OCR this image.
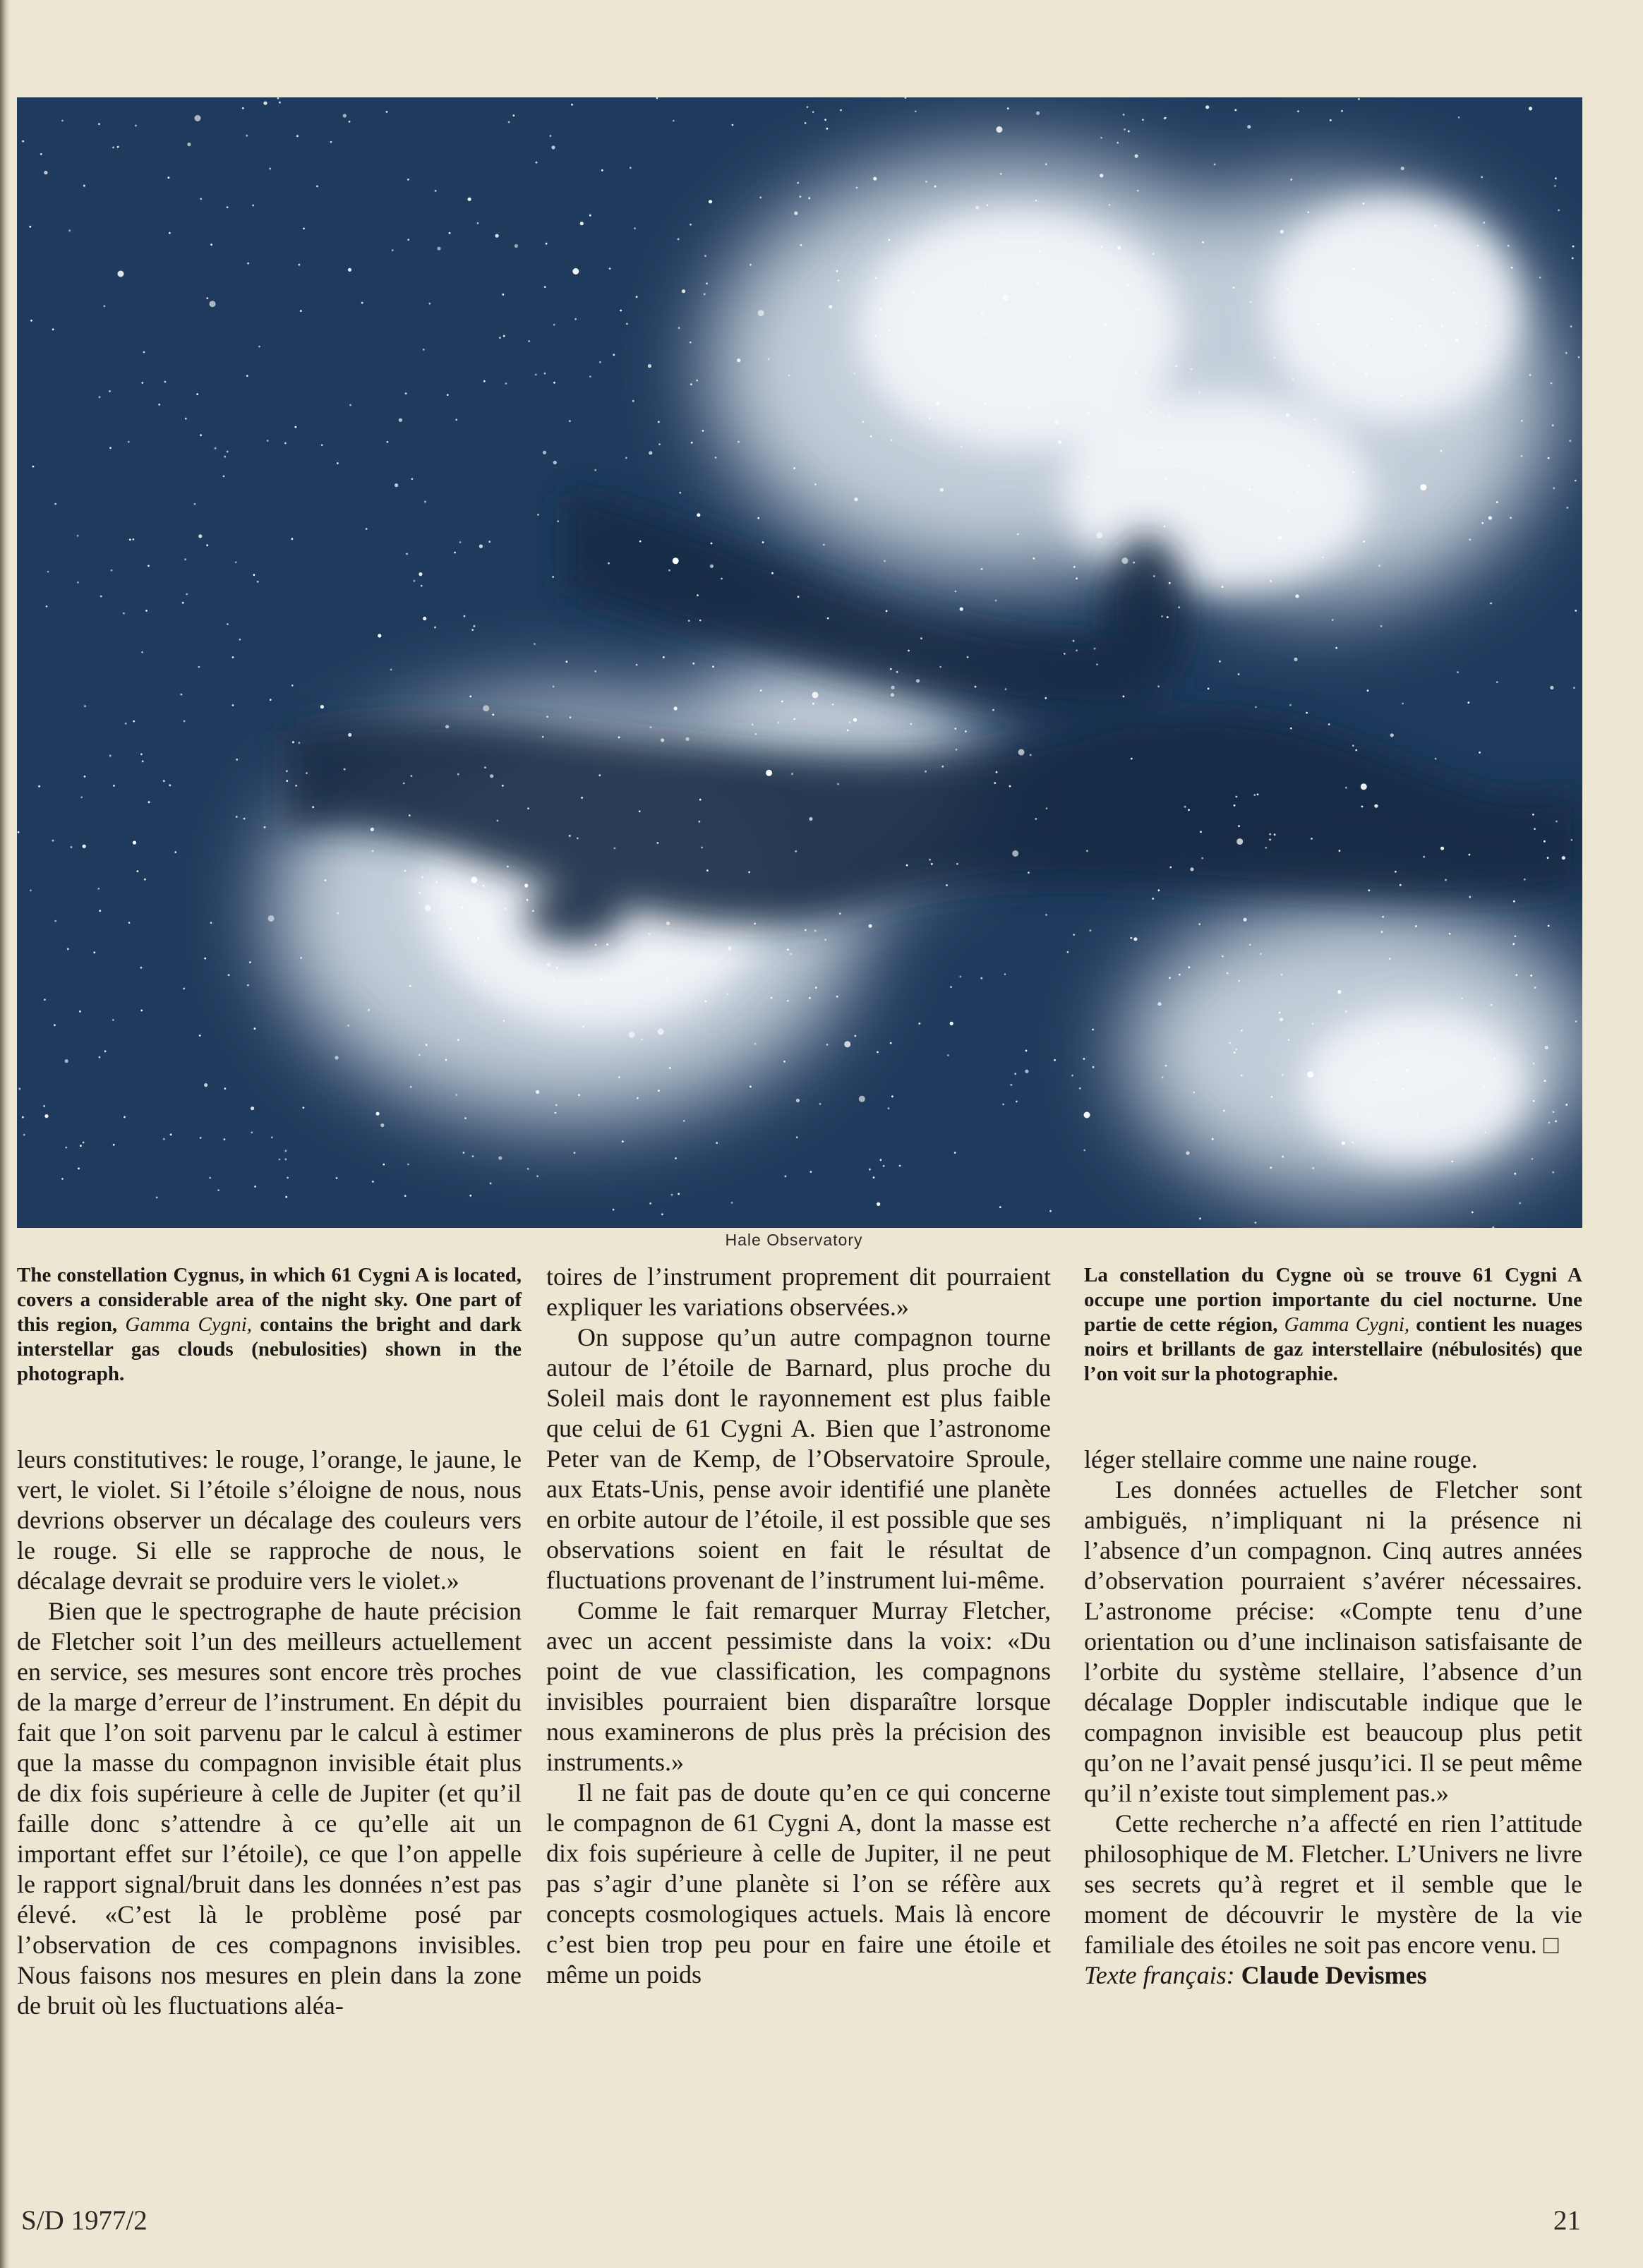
Hale Observatory

The constellation Cygnus, in which 61 Cygni A is located, covers a considerable area of the night sky. One part of this region, Gamma Cygni, contains the bright and dark interstellar gas clouds (nebulosities) shown in the photograph.

leurs constitutives: le rouge, l’orange, le jaune, le vert, le violet. Si l’étoile s’éloigne de nous, nous devrions observer un décalage des couleurs vers le rouge. Si elle se rapproche de nous, le décalage devrait se produire vers le violet.»

Bien que le spectrographe de haute précision de Fletcher soit l’un des meilleurs actuellement en service, ses mesures sont encore très proches de la marge d’erreur de l’instrument. En dépit du fait que l’on soit parvenu par le calcul à estimer que la masse du compagnon invisible était plus de dix fois supérieure à celle de Jupiter (et qu’il faille donc s’attendre à ce qu’elle ait un important effet sur l’étoile), ce que l’on appelle le rapport signal/bruit dans les données n’est pas élevé. «C’est là le problème posé par l’observation de ces compagnons invisibles. Nous faisons nos mesures en plein dans la zone de bruit où les fluctuations aléa-

toires de l’instrument proprement dit pourraient expliquer les variations observées.»

On suppose qu’un autre compagnon tourne autour de l’étoile de Barnard, plus proche du Soleil mais dont le rayonnement est plus faible que celui de 61 Cygni A. Bien que l’astronome Peter van de Kemp, de l’Observatoire Sproule, aux Etats-Unis, pense avoir identifié une planète en orbite autour de l’étoile, il est possible que ses observations soient en fait le résultat de fluctuations provenant de l’instrument lui-même.

Comme le fait remarquer Murray Fletcher, avec un accent pessimiste dans la voix: «Du point de vue classification, les compagnons invisibles pourraient bien disparaître lorsque nous examinerons de plus près la précision des instruments.»

Il ne fait pas de doute qu’en ce qui concerne le compagnon de 61 Cygni A, dont la masse est dix fois supérieure à celle de Jupiter, il ne peut pas s’agir d’une planète si l’on se réfère aux concepts cosmologiques actuels. Mais là encore c’est bien trop peu pour en faire une étoile et même un poids

La constellation du Cygne où se trouve 61 Cygni A occupe une portion importante du ciel nocturne. Une partie de cette région, Gamma Cygni, contient les nuages noirs et brillants de gaz interstellaire (nébulosités) que l’on voit sur la photographie.

léger stellaire comme une naine rouge.

Les données actuelles de Fletcher sont ambiguës, n’impliquant ni la présence ni l’absence d’un compagnon. Cinq autres années d’observation pourraient s’avérer nécessaires. L’astronome précise: «Compte tenu d’une orientation ou d’une inclinaison satisfaisante de l’orbite du système stellaire, l’absence d’un décalage Doppler indiscutable indique que le compagnon invisible est beaucoup plus petit qu’on ne l’avait pensé jusqu’ici. Il se peut même qu’il n’existe tout simplement pas.»

Cette recherche n’a affecté en rien l’attitude philosophique de M. Fletcher. L’Univers ne livre ses secrets qu’à regret et il semble que le moment de découvrir le mystère de la vie familiale des étoiles ne soit pas encore venu. □

Texte français: Claude Devismes

S/D 1977/2	21
